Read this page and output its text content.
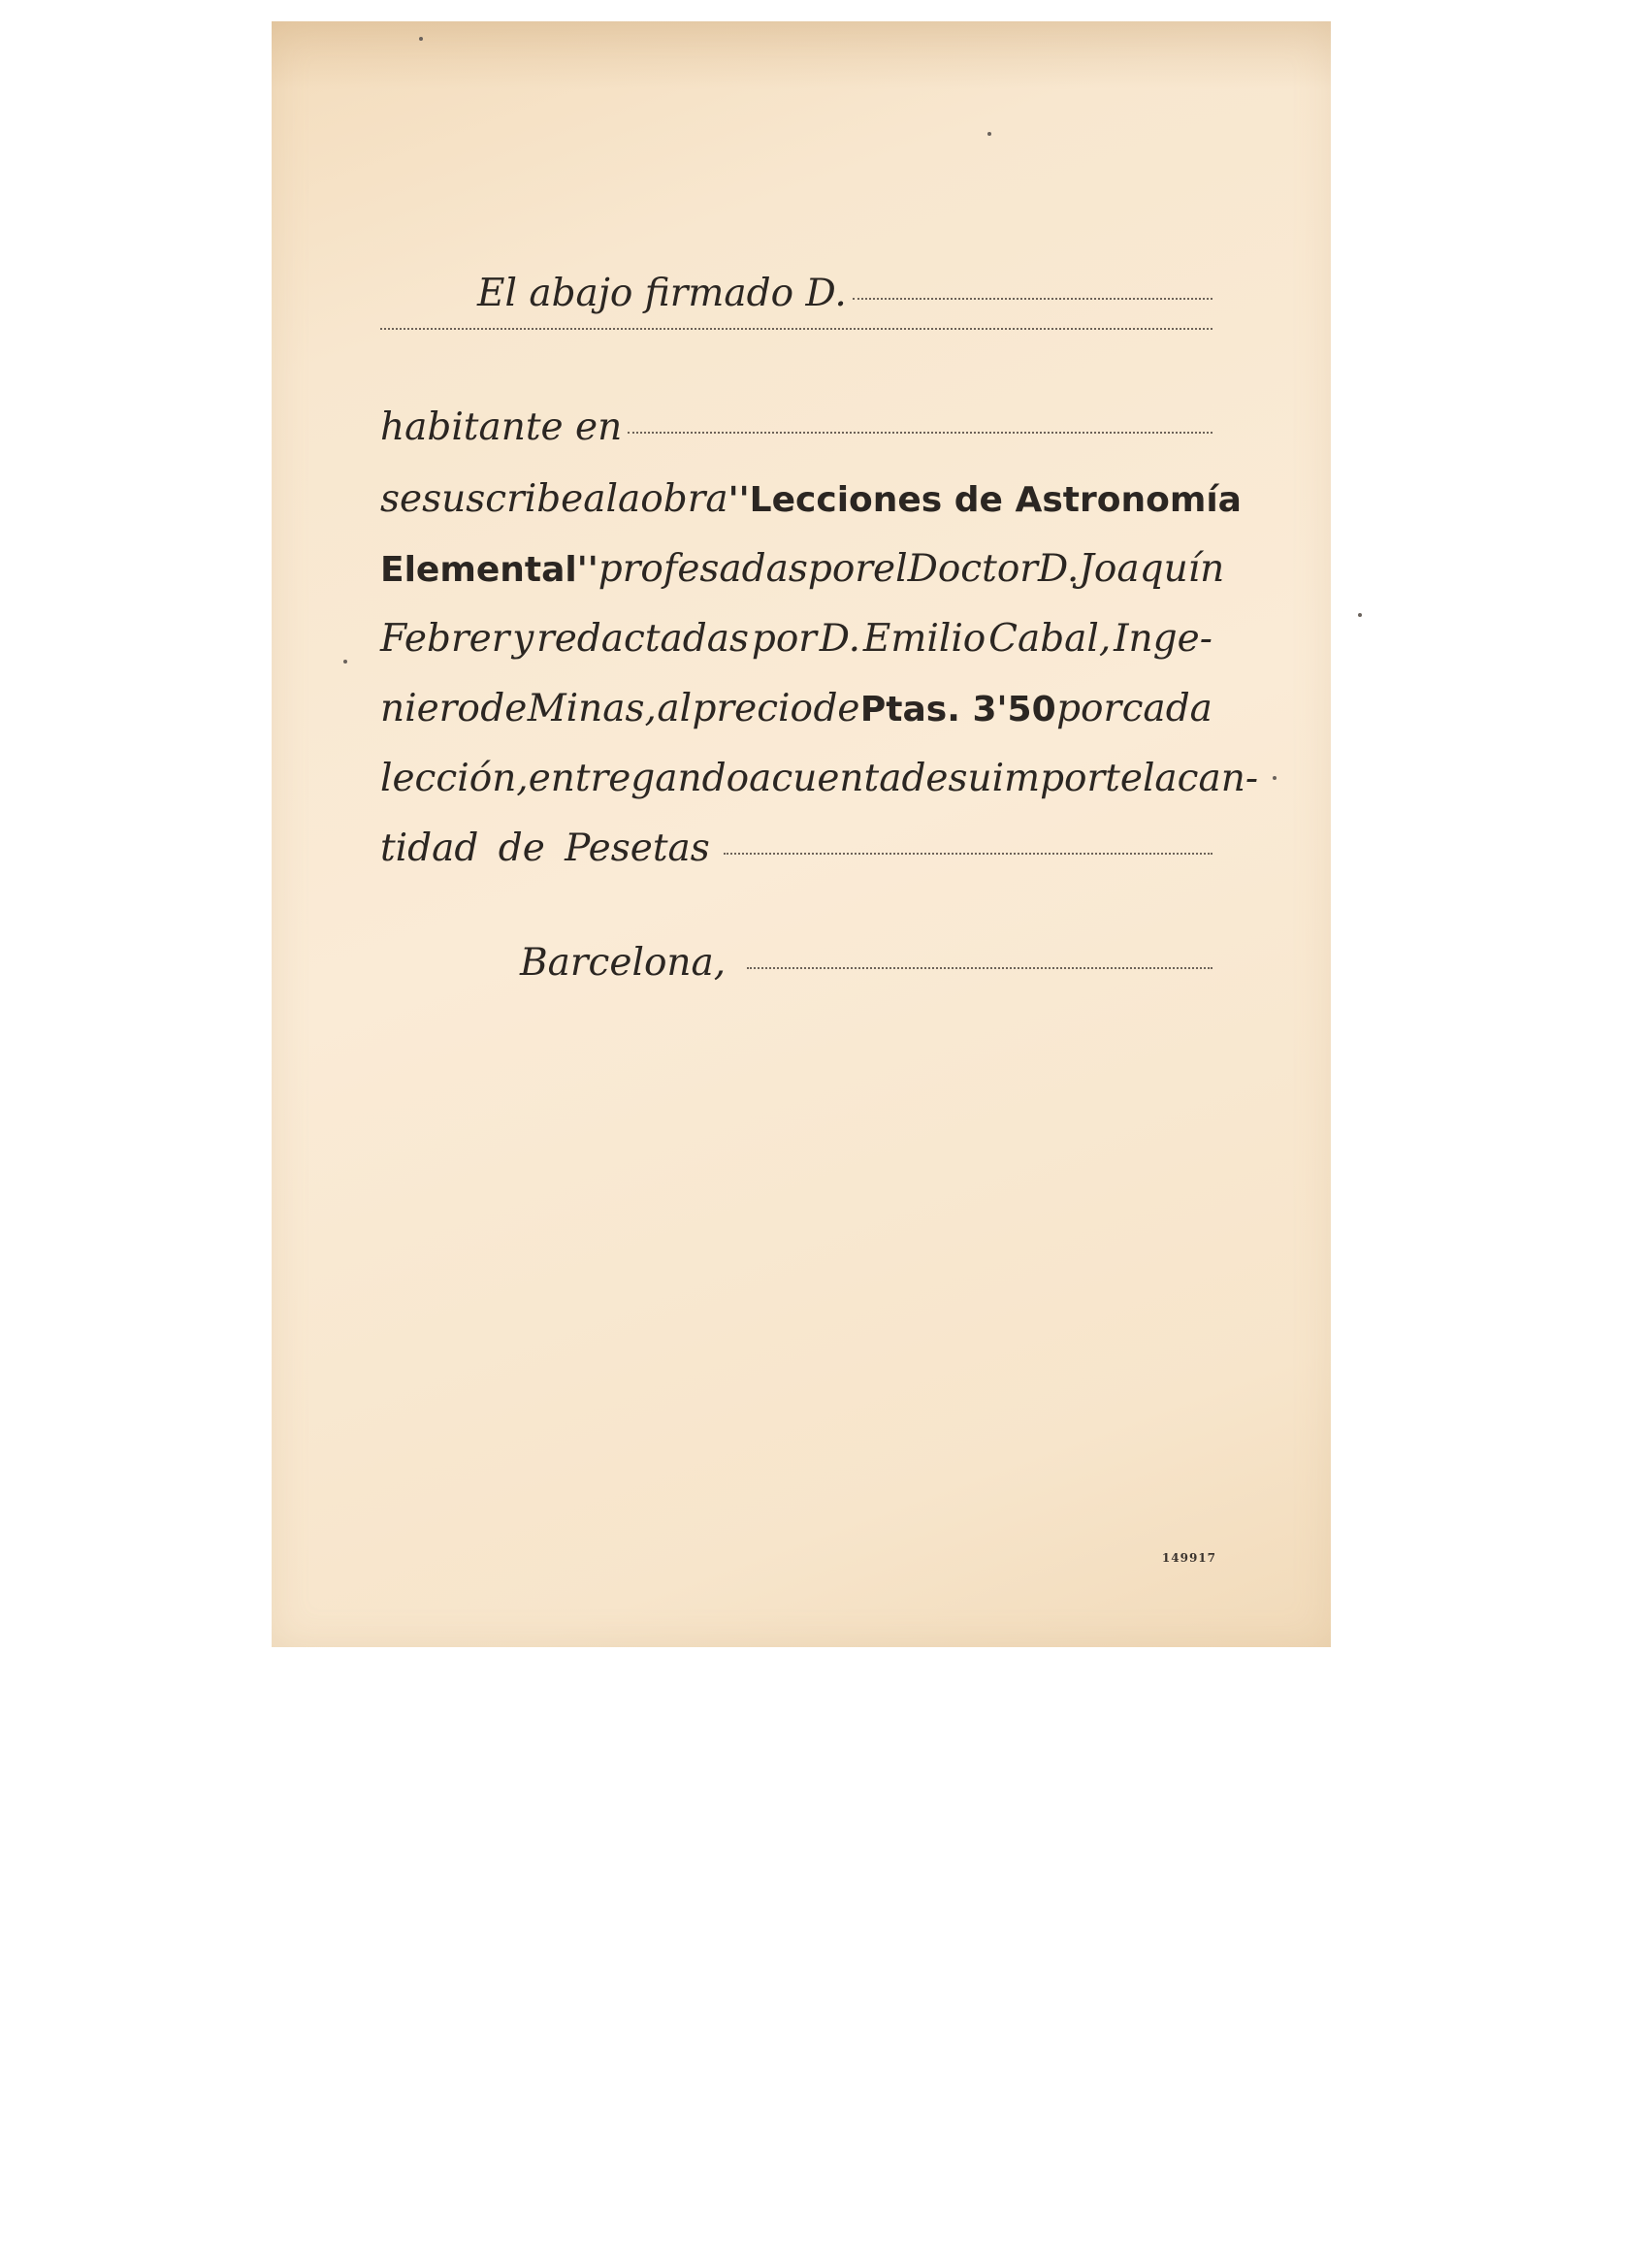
El abajo firmado D.
habitante en
se suscribe a la obra ''Lecciones de Astronomía
Elemental'' profesadas por el Doctor D. Joaquín
Febrer y redactadas por D. Emilio Cabal, Inge-
niero de Minas, al precio de Ptas. 3'50 por cada
lección, entregando a cuenta de su importe la can-
tidad de Pesetas
Barcelona,
149917
